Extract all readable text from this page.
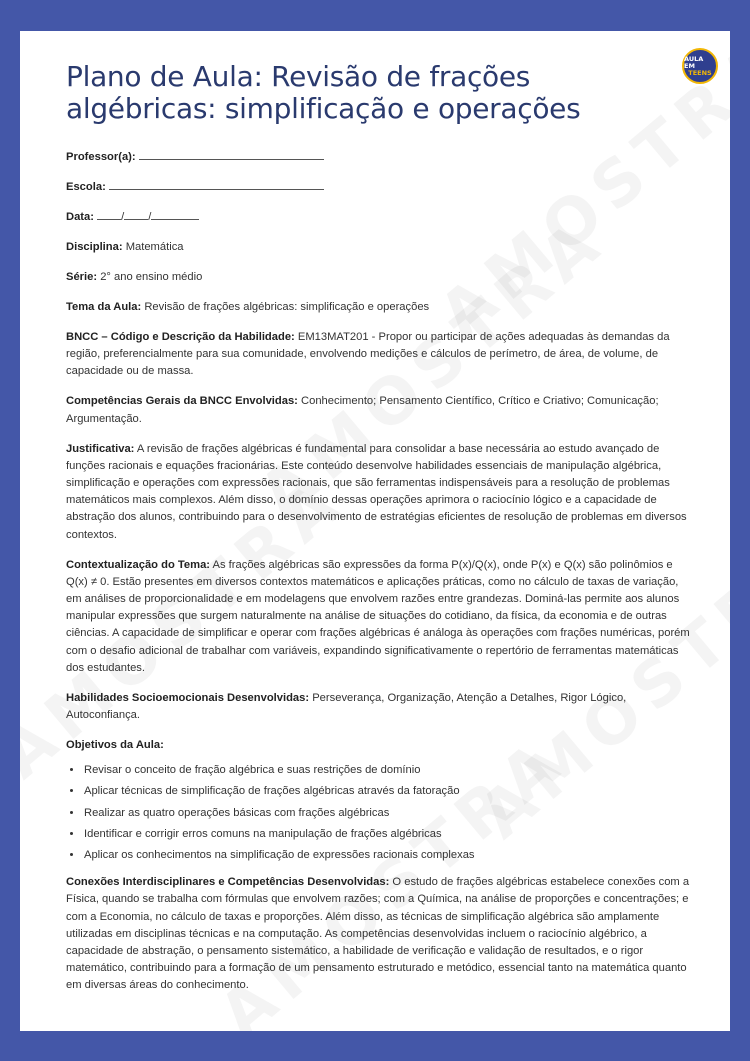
AULA EM
TEENS
Plano de Aula: Revisão de frações algébricas: simplificação e operações

Professor(a):

Escola:

Data: / /

Disciplina: Matemática

Série: 2° ano ensino médio

Tema da Aula: Revisão de frações algébricas: simplificação e operações

BNCC – Código e Descrição da Habilidade: EM13MAT201 - Propor ou participar de ações adequadas às demandas da região, preferencialmente para sua comunidade, envolvendo medições e cálculos de perímetro, de área, de volume, de capacidade ou de massa.

Competências Gerais da BNCC Envolvidas: Conhecimento; Pensamento Científico, Crítico e Criativo; Comunicação; Argumentação.

Justificativa: A revisão de frações algébricas é fundamental para consolidar a base necessária ao estudo avançado de funções racionais e equações fracionárias. Este conteúdo desenvolve habilidades essenciais de manipulação algébrica, simplificação e operações com expressões racionais, que são ferramentas indispensáveis para a resolução de problemas matemáticos mais complexos. Além disso, o domínio dessas operações aprimora o raciocínio lógico e a capacidade de abstração dos alunos, contribuindo para o desenvolvimento de estratégias eficientes de resolução de problemas em diversos contextos.

Contextualização do Tema: As frações algébricas são expressões da forma P(x)/Q(x), onde P(x) e Q(x) são polinômios e Q(x) ≠ 0. Estão presentes em diversos contextos matemáticos e aplicações práticas, como no cálculo de taxas de variação, em análises de proporcionalidade e em modelagens que envolvem razões entre grandezas. Dominá-las permite aos alunos manipular expressões que surgem naturalmente na análise de situações do cotidiano, da física, da economia e de outras ciências. A capacidade de simplificar e operar com frações algébricas é análoga às operações com frações numéricas, porém com o desafio adicional de trabalhar com variáveis, expandindo significativamente o repertório de ferramentas matemáticas dos estudantes.

Habilidades Socioemocionais Desenvolvidas: Perseverança, Organização, Atenção a Detalhes, Rigor Lógico, Autoconfiança.

Objetivos da Aula:

• Revisar o conceito de fração algébrica e suas restrições de domínio
• Aplicar técnicas de simplificação de frações algébricas através da fatoração
• Realizar as quatro operações básicas com frações algébricas
• Identificar e corrigir erros comuns na manipulação de frações algébricas
• Aplicar os conhecimentos na simplificação de expressões racionais complexas

Conexões Interdisciplinares e Competências Desenvolvidas: O estudo de frações algébricas estabelece conexões com a Física, quando se trabalha com fórmulas que envolvem razões; com a Química, na análise de proporções e concentrações; e com a Economia, no cálculo de taxas e proporções. Além disso, as técnicas de simplificação algébrica são amplamente utilizadas em disciplinas técnicas e na computação. As competências desenvolvidas incluem o raciocínio algébrico, a capacidade de abstração, o pensamento sistemático, a habilidade de verificação e validação de resultados, e o rigor matemático, contribuindo para a formação de um pensamento estruturado e metódico, essencial tanto na matemática quanto em diversas áreas do conhecimento.
